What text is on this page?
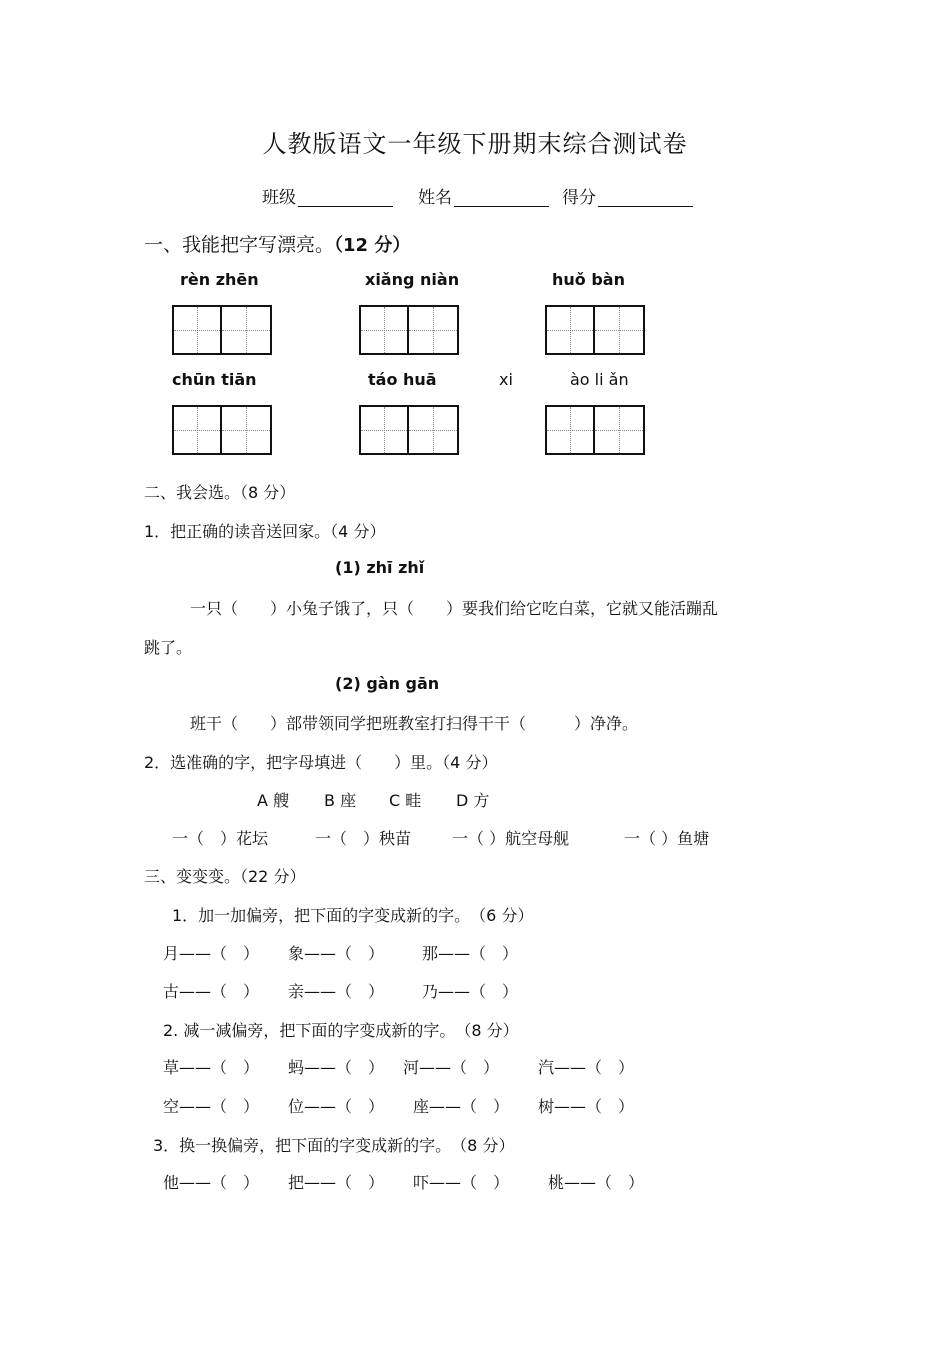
人教版语文一年级下册期末综合测试卷
班级	姓名	得分
一、我能把字写漂亮。（12 分）
rèn zhēn	xiǎng niàn	huǒ bàn
chūn tiān	táo huā	xi	ào li ǎn
二、我会选。（8 分）
1．把正确的读音送回家。（4 分）
(1) zhī zhǐ
一只（　　）小兔子饿了，只（　　）要我们给它吃白菜，它就又能活蹦乱
跳了。
(2) gàn gān
班干（　　）部带领同学把班教室打扫得干干（　　　）净净。
2．选准确的字，把字母填进（　　）里。（4 分）
A 艘 B 座 C 畦 D 方
一（　）花坛	一（　）秧苗	一（ ）航空母舰	一（ ）鱼塘
三、变变变。（22 分）
1．加一加偏旁，把下面的字变成新的字。　（6 分）
月——（　） 象——（　） 那——（　）
古——（　） 亲——（　） 乃——（　）
2. 减一减偏旁，把下面的字变成新的字。　（8 分）
草——（　） 蚂——（　） 河——（　） 汽——（　）
空——（　） 位——（　） 座——（　） 树——（　）
3．换一换偏旁，把下面的字变成新的字。　（8 分）
他——（　） 把——（　） 吓——（　） 桃——（　）
